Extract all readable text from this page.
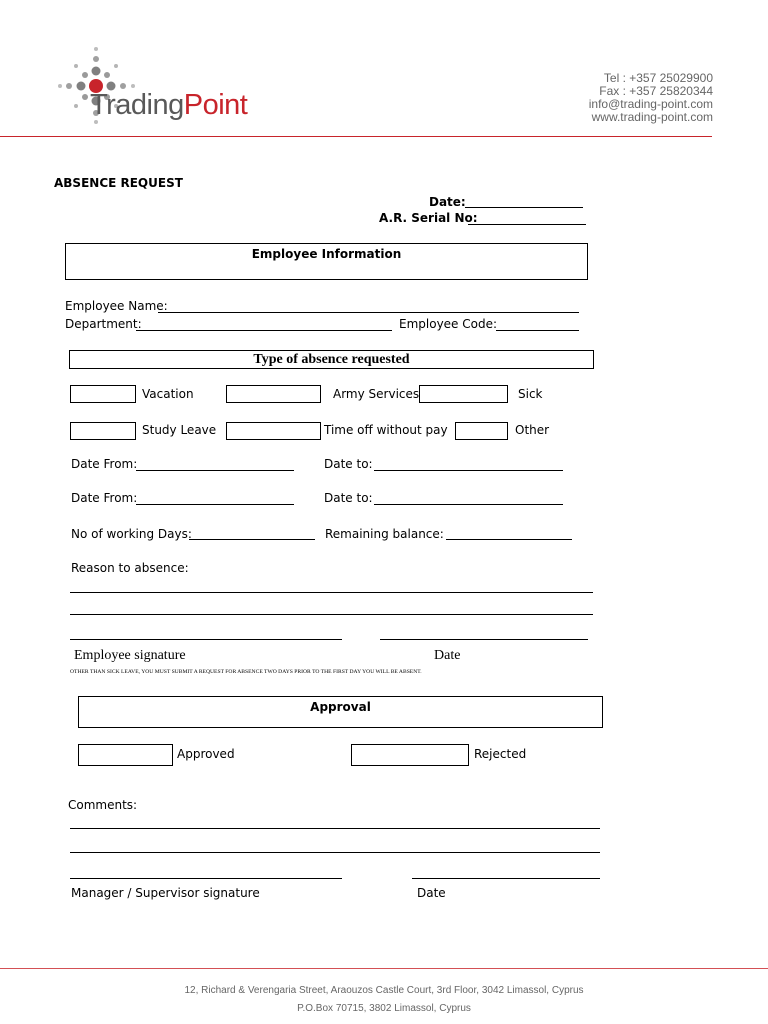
TradingPoint
Tel : +357 25029900
Fax : +357 25820344
info@trading-point.com
www.trading-point.com
ABSENCE REQUEST
Date:
A.R. Serial No:
Employee Information
Employee Name:
Department:	Employee Code:
Type of absence requested
Vacation	Army Services	Sick
Study Leave	Time off without pay	Other
Date From:	Date to:
Date From:	Date to:
No of working Days:	Remaining balance:
Reason to absence:
Employee signature	Date
OTHER THAN SICK LEAVE, YOU MUST SUBMIT A REQUEST FOR ABSENCE TWO DAYS PRIOR TO THE FIRST DAY YOU WILL BE ABSENT.
Approval
Approved	Rejected
Comments:
Manager / Supervisor signature	Date
12, Richard & Verengaria Street, Araouzos Castle Court, 3rd Floor, 3042 Limassol, Cyprus
P.O.Box 70715, 3802 Limassol, Cyprus
